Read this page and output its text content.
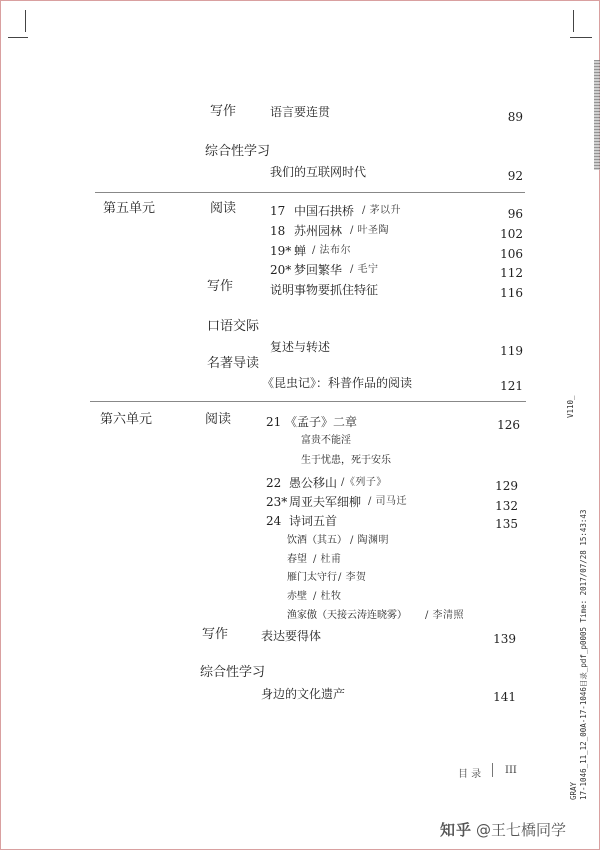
写作	语言要连贯	89
综合性学习
我们的互联网时代	92
第五单元	阅读	17 中国石拱桥 / 茅以升	96
18 苏州园林 / 叶圣陶	102
19* 蝉 / 法布尔	106
20* 梦回繁华 / 毛宁	112
写作	说明事物要抓住特征	116
口语交际
复述与转述	119
名著导读
《昆虫记》：科普作品的阅读	121
第六单元	阅读	21 《孟子》二章	126
富贵不能淫
生于忧患，死于安乐
22 愚公移山 /《列子》	129
23* 周亚夫军细柳 / 司马迁	132
24 诗词五首	135
饮酒（其五） / 陶渊明
春望 / 杜甫
雁门太守行 / 李贺
赤壁 / 杜牧
渔家傲（天接云涛连晓雾） / 李清照
写作	表达要得体	139
综合性学习
身边的文化遗产	141
目 录 III
V110_
17-1046_11_12_00A-17-1046目录_pdf_p0005 Time: 2017/07/28 15:43:43
GRAY
知乎 @王七橋同学
